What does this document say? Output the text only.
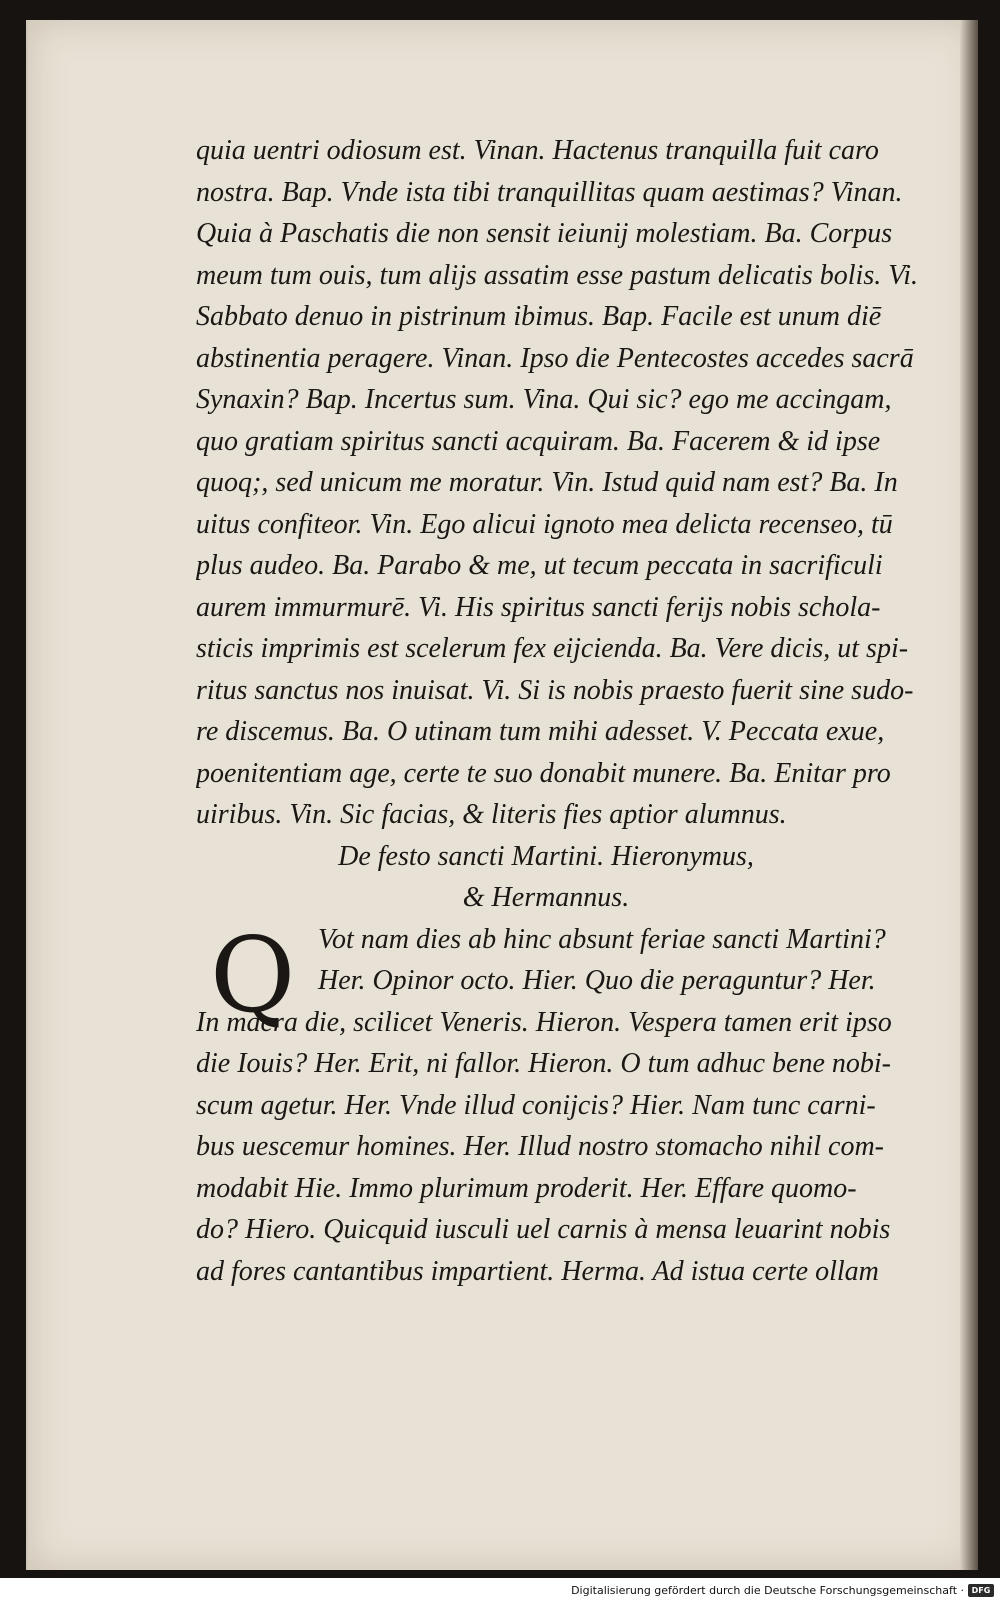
quia uentri odiosum est. Vinan. Hactenus tranquilla fuit caro
nostra. Bap. Vnde ista tibi tranquillitas quam aestimas? Vinan.
Quia à Paschatis die non sensit ieiunij molestiam. Ba. Corpus
meum tum ouis, tum alijs assatim esse pastum delicatis bolis. Vi.
Sabbato denuo in pistrinum ibimus. Bap. Facile est unum diē
abstinentia peragere. Vinan. Ipso die Pentecostes accedes sacrā
Synaxin? Bap. Incertus sum. Vina. Qui sic? ego me accingam,
quo gratiam spiritus sancti acquiram. Ba. Facerem & id ipse
quoq;, sed unicum me moratur. Vin. Istud quid nam est? Ba. In
uitus confiteor. Vin. Ego alicui ignoto mea delicta recenseo, tū
plus audeo. Ba. Parabo & me, ut tecum peccata in sacrificuli
aurem immurmurē. Vi. His spiritus sancti ferijs nobis schola-
sticis imprimis est scelerum fex eijcienda. Ba. Vere dicis, ut spi-
ritus sanctus nos inuisat. Vi. Si is nobis praesto fuerit sine sudo-
re discemus. Ba. O utinam tum mihi adesset. V. Peccata exue,
poenitentiam age, certe te suo donabit munere. Ba. Enitar pro
uiribus. Vin. Sic facias, & literis fies aptior alumnus.
De festo sancti Martini. Hieronymus,
& Hermannus.
Q Vot nam dies ab hinc absunt feriae sancti Martini?
Her. Opinor octo. Hier. Quo die peraguntur? Her.
In macra die, scilicet Veneris. Hieron. Vespera tamen erit ipso
die Iouis? Her. Erit, ni fallor. Hieron. O tum adhuc bene nobi-
scum agetur. Her. Vnde illud conijcis? Hier. Nam tunc carni-
bus uescemur homines. Her. Illud nostro stomacho nihil com-
modabit Hie. Immo plurimum proderit. Her. Effare quomo-
do? Hiero. Quicquid iusculi uel carnis à mensa leuarint nobis
ad fores cantantibus impartient. Herma. Ad istua certe ollam
Digitalisierung gefördert durch die Deutsche Forschungsgemeinschaft · DFG
